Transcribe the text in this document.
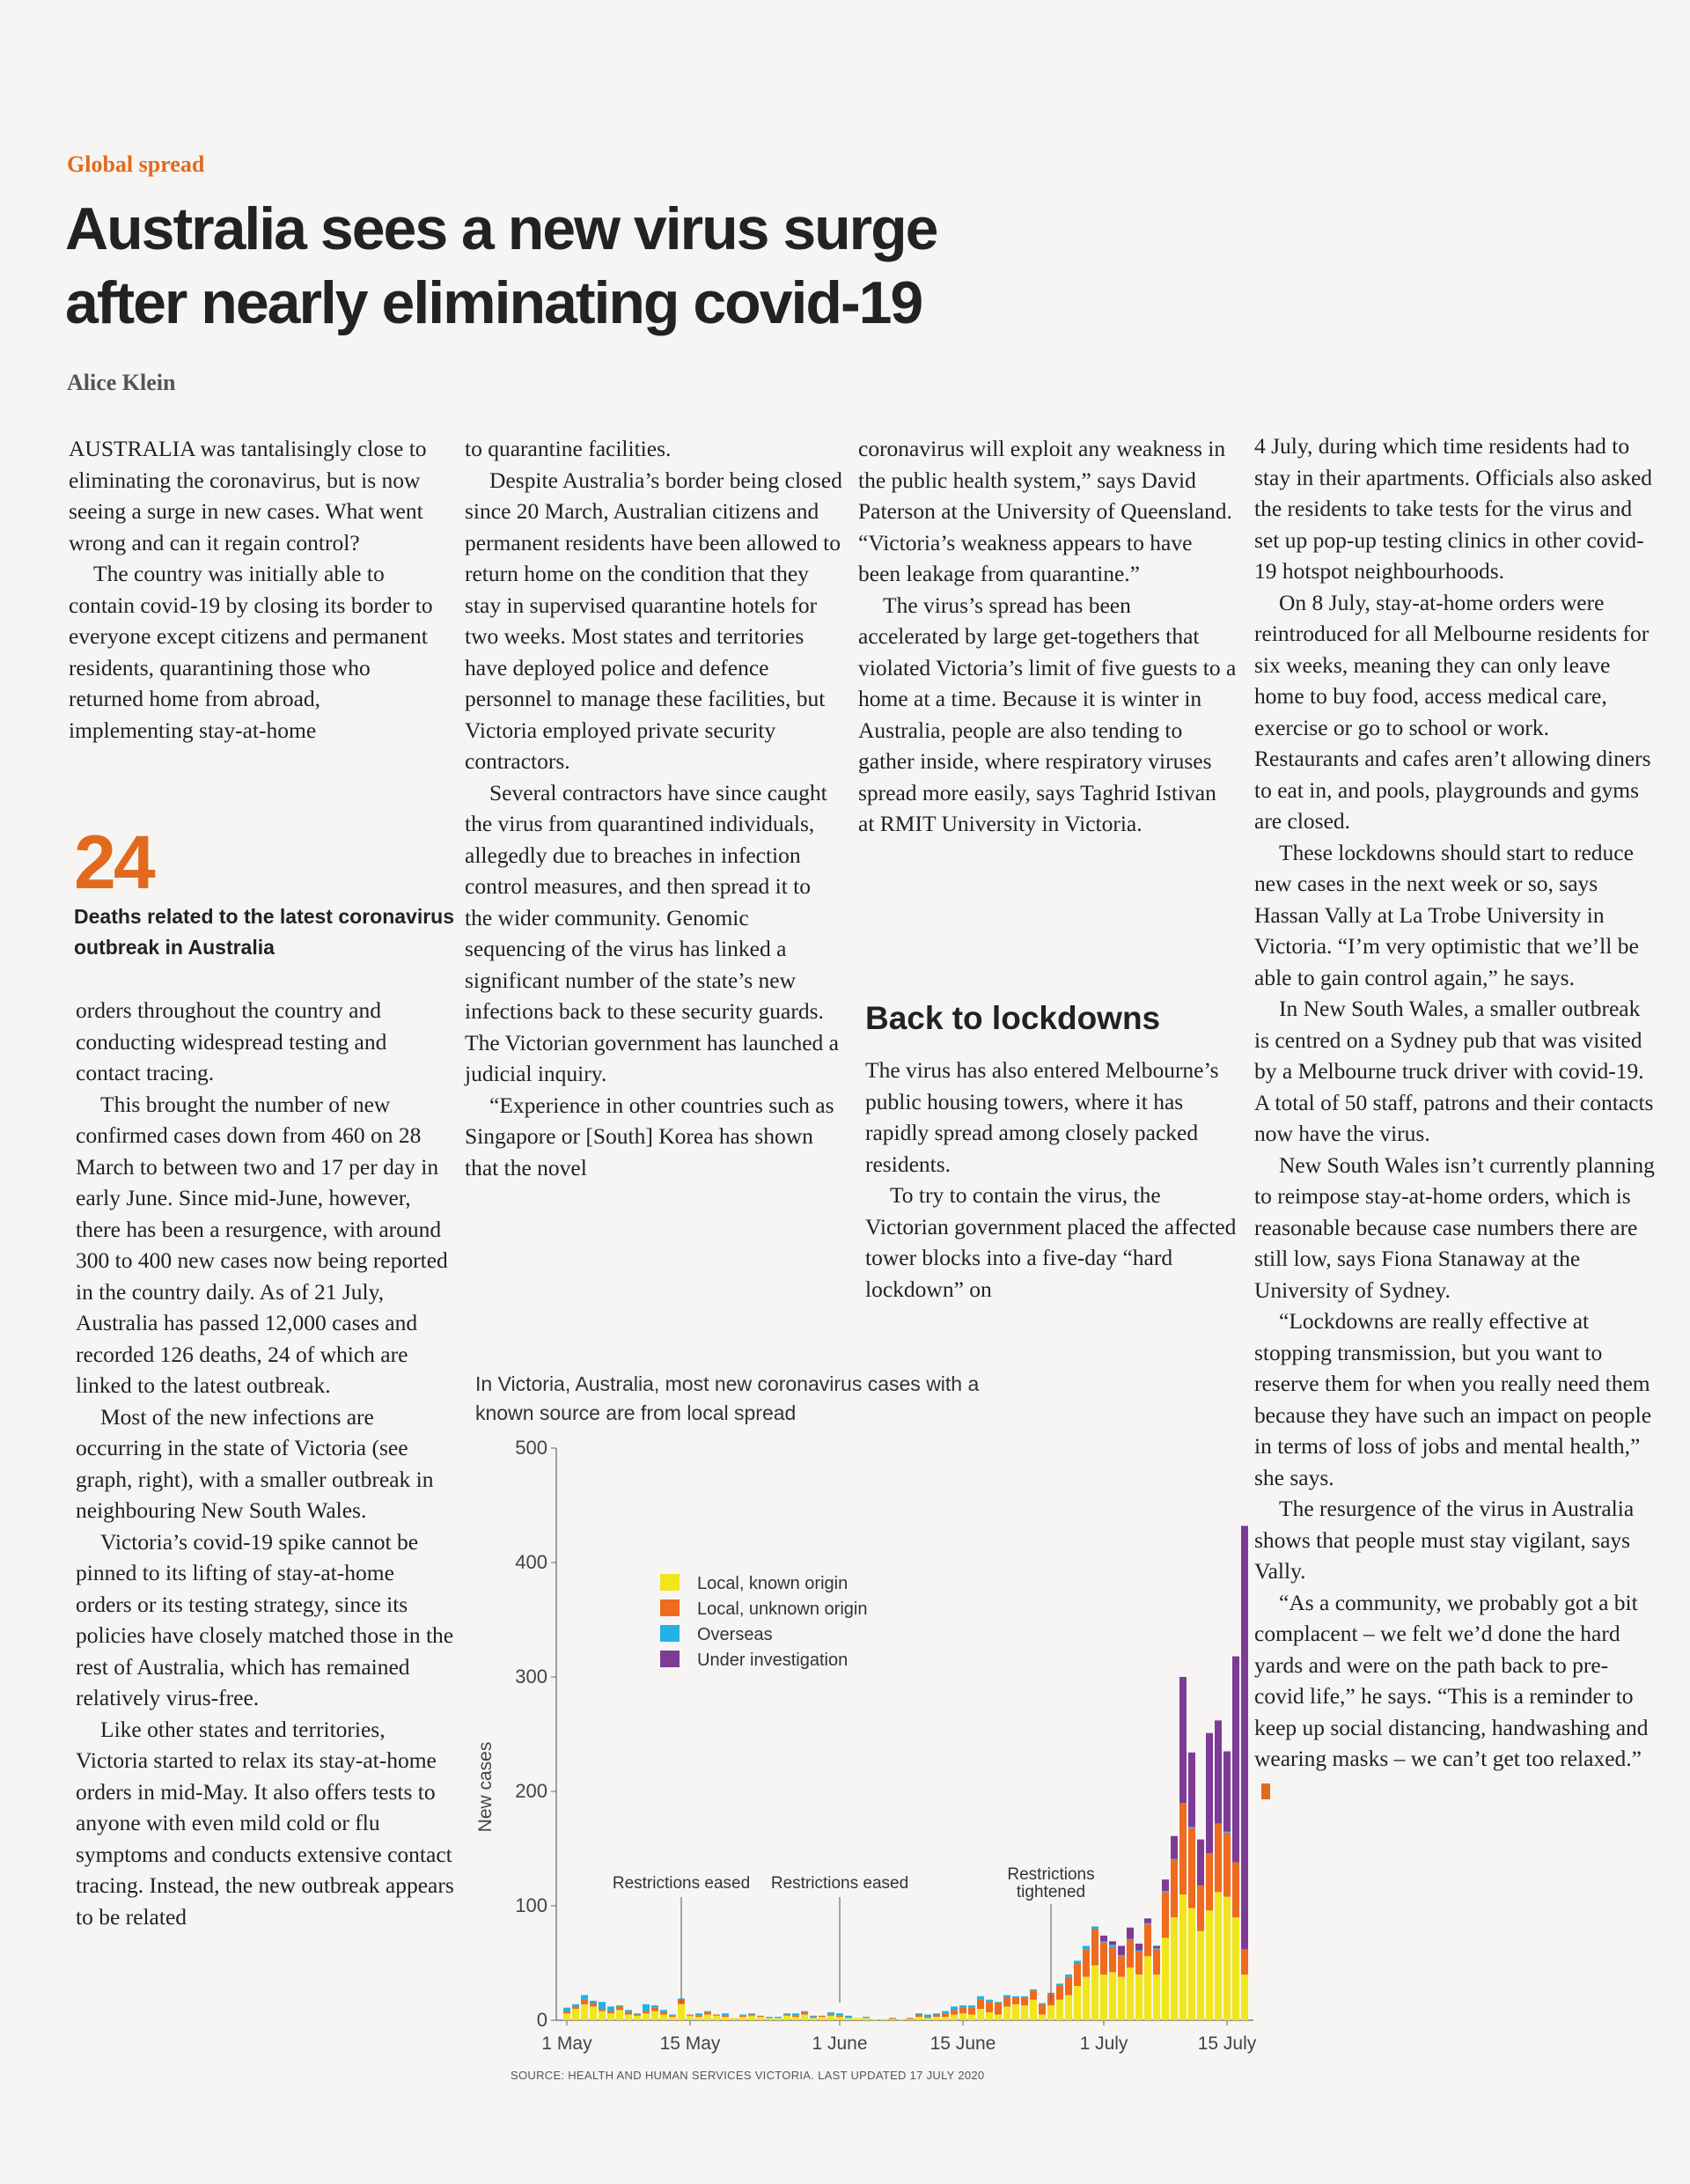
Global spread
Australia sees a new virus surge
after nearly eliminating covid-19
Alice Klein

AUSTRALIA was tantalisingly close to eliminating the coronavirus, but is now seeing a surge in new cases. What went wrong and can it regain control?

The country was initially able to contain covid-19 by closing its border to everyone except citizens and permanent residents, quarantining those who returned home from abroad, implementing stay-at-home

24
Deaths related to the latest coronavirus outbreak in Australia

orders throughout the country and conducting widespread testing and contact tracing.

This brought the number of new confirmed cases down from 460 on 28 March to between two and 17 per day in early June. Since mid-June, however, there has been a resurgence, with around 300 to 400 new cases now being reported in the country daily. As of 21 July, Australia has passed 12,000 cases and recorded 126 deaths, 24 of which are linked to the latest outbreak.

Most of the new infections are occurring in the state of Victoria (see graph, right), with a smaller outbreak in neighbouring New South Wales.

Victoria’s covid-19 spike cannot be pinned to its lifting of stay-at-home orders or its testing strategy, since its policies have closely matched those in the rest of Australia, which has remained relatively virus-free.

Like other states and territories, Victoria started to relax its stay-at-home orders in mid-May. It also offers tests to anyone with even mild cold or flu symptoms and conducts extensive contact tracing. Instead, the new outbreak appears to be related

to quarantine facilities.

Despite Australia’s border being closed since 20 March, Australian citizens and permanent residents have been allowed to return home on the condition that they stay in supervised quarantine hotels for two weeks. Most states and territories have deployed police and defence personnel to manage these facilities, but Victoria employed private security contractors.

Several contractors have since caught the virus from quarantined individuals, allegedly due to breaches in infection control measures, and then spread it to the wider community. Genomic sequencing of the virus has linked a significant number of the state’s new infections back to these security guards. The Victorian government has launched a judicial inquiry.

“Experience in other countries such as Singapore or [South] Korea has shown that the novel

coronavirus will exploit any weakness in the public health system,” says David Paterson at the University of Queensland. “Victoria’s weakness appears to have been leakage from quarantine.”

The virus’s spread has been accelerated by large get-togethers that violated Victoria’s limit of five guests to a home at a time. Because it is winter in Australia, people are also tending to gather inside, where respiratory viruses spread more easily, says Taghrid Istivan at RMIT University in Victoria.

Back to lockdowns

The virus has also entered Melbourne’s public housing towers, where it has rapidly spread among closely packed residents.

To try to contain the virus, the Victorian government placed the affected tower blocks into a five-day “hard lockdown” on

4 July, during which time residents had to stay in their apartments. Officials also asked the residents to take tests for the virus and set up pop-up testing clinics in other covid-19 hotspot neighbourhoods.

On 8 July, stay-at-home orders were reintroduced for all Melbourne residents for six weeks, meaning they can only leave home to buy food, access medical care, exercise or go to school or work. Restaurants and cafes aren’t allowing diners to eat in, and pools, playgrounds and gyms are closed.

These lockdowns should start to reduce new cases in the next week or so, says Hassan Vally at La Trobe University in Victoria. “I’m very optimistic that we’ll be able to gain control again,” he says.

In New South Wales, a smaller outbreak is centred on a Sydney pub that was visited by a Melbourne truck driver with covid-19. A total of 50 staff, patrons and their contacts now have the virus.

New South Wales isn’t currently planning to reimpose stay-at-home orders, which is reasonable because case numbers there are still low, says Fiona Stanaway at the University of Sydney.

“Lockdowns are really effective at stopping transmission, but you want to reserve them for when you really need them because they have such an impact on people in terms of loss of jobs and mental health,” she says.

The resurgence of the virus in Australia shows that people must stay vigilant, says Vally.

“As a community, we probably got a bit complacent – we felt we’d done the hard yards and were on the path back to pre-covid life,” he says. “This is a reminder to keep up social distancing, handwashing and wearing masks – we can’t get too relaxed.”

In Victoria, Australia, most new coronavirus cases with a known source are from local spread
0
100
200
300
400
500
New cases
1 May	15 May	1 June	15 June	1 July	15 July
Restrictions eased Restrictions eased	Restrictions
tightened
Local, known origin
Local, unknown origin
Overseas
Under investigation
SOURCE: HEALTH AND HUMAN SERVICES VICTORIA. LAST UPDATED 17 JULY 2020
